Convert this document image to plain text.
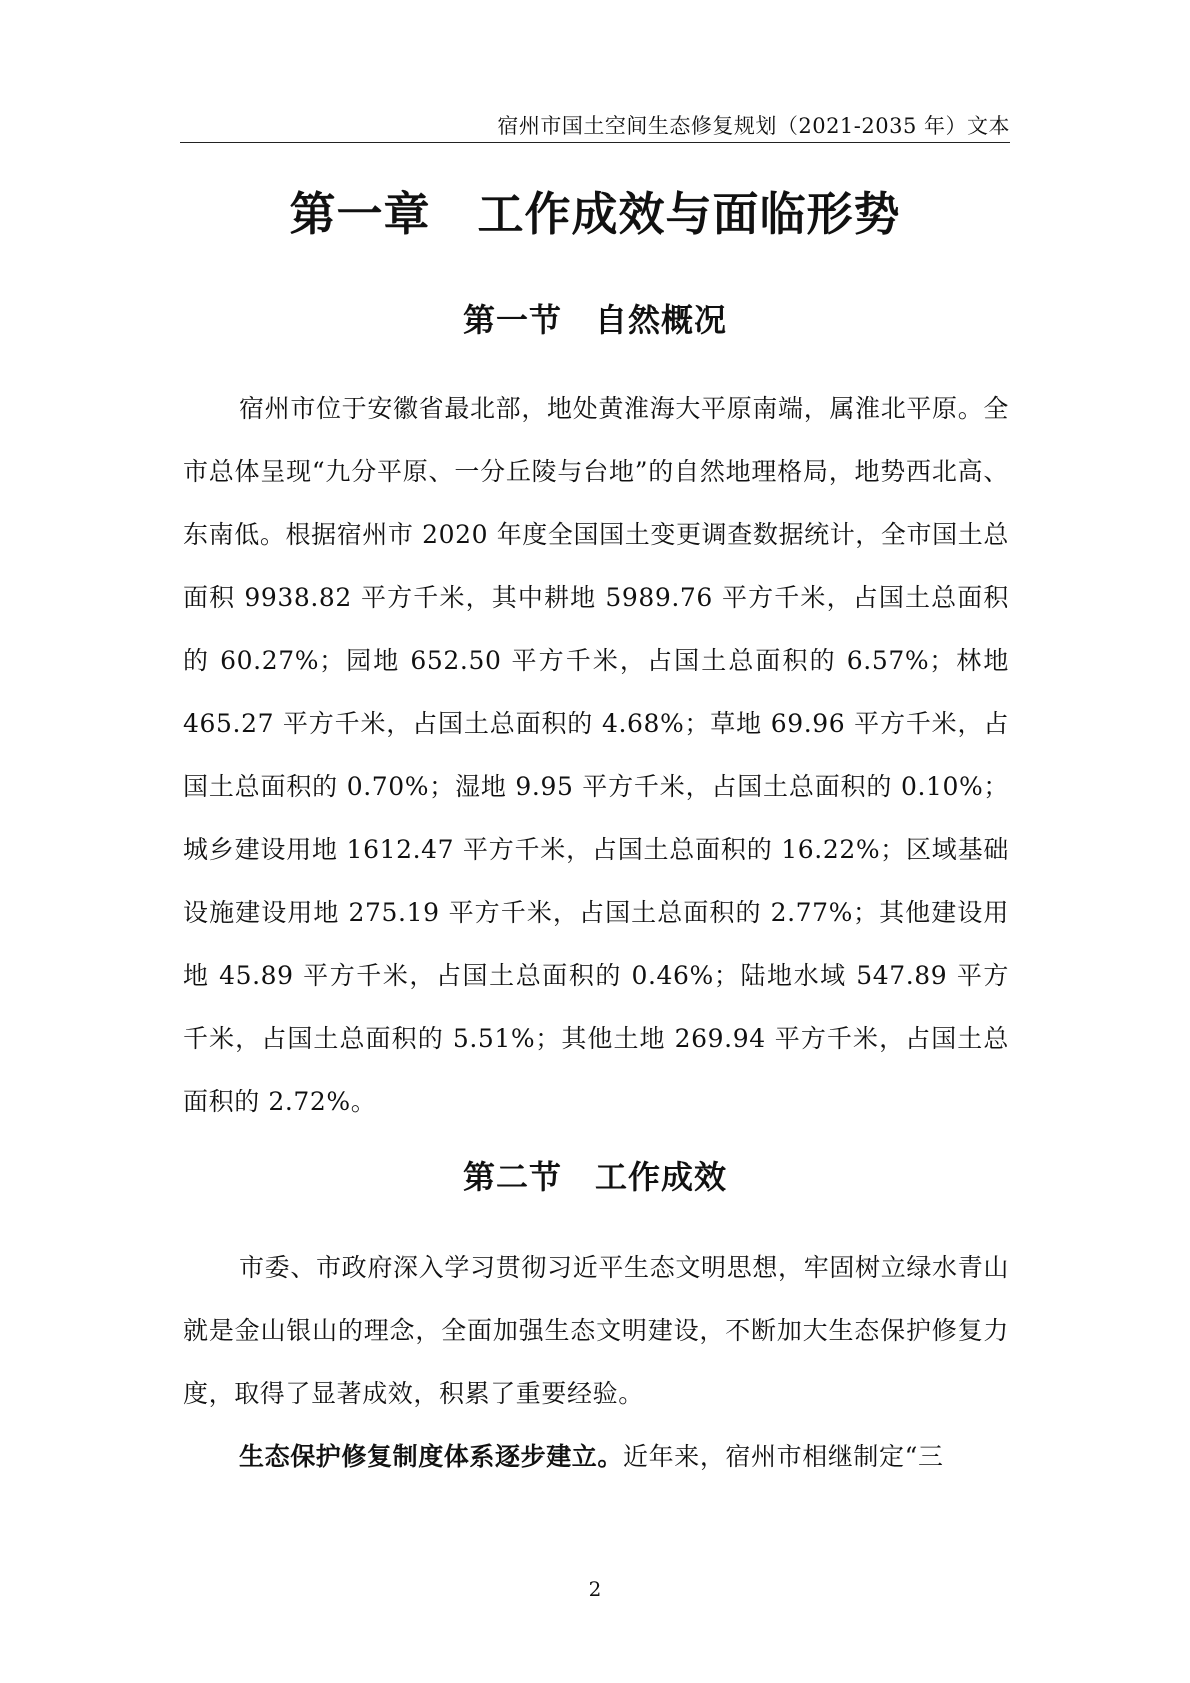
宿州市国土空间生态修复规划（2021-2035 年）文本
第一章　工作成效与面临形势
第一节　自然概况

宿州市位于安徽省最北部，地处黄淮海大平原南端，属淮北平原。全市总体呈现“九分平原、一分丘陵与台地”的自然地理格局，地势西北高、东南低。根据宿州市 2020 年度全国国土变更调查数据统计，全市国土总面积 9938.82 平方千米，其中耕地 5989.76 平方千米，占国土总面积的 60.27%；园地 652.50 平方千米，占国土总面积的 6.57%；林地 465.27 平方千米，占国土总面积的 4.68%；草地 69.96 平方千米，占国土总面积的 0.70%；湿地 9.95 平方千米，占国土总面积的 0.10%；城乡建设用地 1612.47 平方千米，占国土总面积的 16.22%；区域基础设施建设用地 275.19 平方千米，占国土总面积的 2.77%；其他建设用地 45.89 平方千米，占国土总面积的 0.46%；陆地水域 547.89 平方千米，占国土总面积的 5.51%；其他土地 269.94 平方千米，占国土总面积的 2.72%。

第二节　工作成效

市委、市政府深入学习贯彻习近平生态文明思想，牢固树立绿水青山就是金山银山的理念，全面加强生态文明建设，不断加大生态保护修复力度，取得了显著成效，积累了重要经验。

生态保护修复制度体系逐步建立。近年来，宿州市相继制定“三

2
